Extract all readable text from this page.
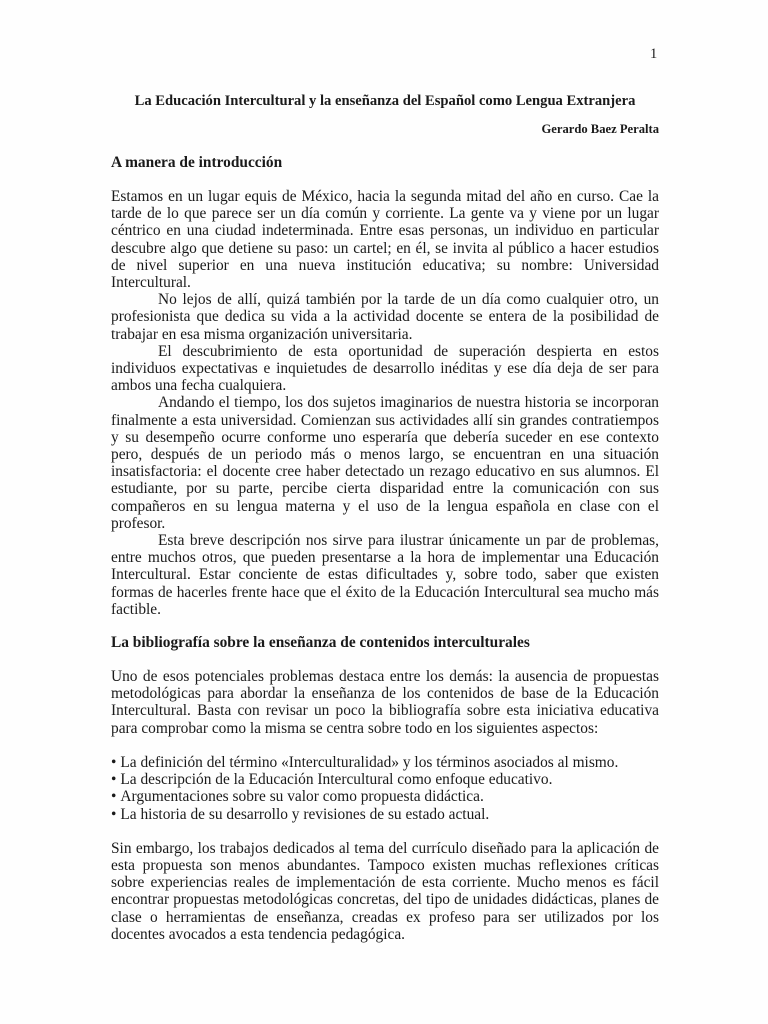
1
La Educación Intercultural y la enseñanza del Español como Lengua Extranjera
Gerardo Baez Peralta
A manera de introducción

Estamos en un lugar equis de México, hacia la segunda mitad del año en curso. Cae la tarde de lo que parece ser un día común y corriente. La gente va y viene por un lugar céntrico en una ciudad indeterminada. Entre esas personas, un individuo en particular descubre algo que detiene su paso: un cartel; en él, se invita al público a hacer estudios de nivel superior en una nueva institución educativa; su nombre: Universidad Intercultural.

No lejos de allí, quizá también por la tarde de un día como cualquier otro, un profesionista que dedica su vida a la actividad docente se entera de la posibilidad de trabajar en esa misma organización universitaria.

El descubrimiento de esta oportunidad de superación despierta en estos individuos expectativas e inquietudes de desarrollo inéditas y ese día deja de ser para ambos una fecha cualquiera.

Andando el tiempo, los dos sujetos imaginarios de nuestra historia se incorporan finalmente a esta universidad. Comienzan sus actividades allí sin grandes contratiempos y su desempeño ocurre conforme uno esperaría que debería suceder en ese contexto pero, después de un periodo más o menos largo, se encuentran en una situación insatisfactoria: el docente cree haber detectado un rezago educativo en sus alumnos. El estudiante, por su parte, percibe cierta disparidad entre la comunicación con sus compañeros en su lengua materna y el uso de la lengua española en clase con el profesor.

Esta breve descripción nos sirve para ilustrar únicamente un par de problemas, entre muchos otros, que pueden presentarse a la hora de implementar una Educación Intercultural. Estar conciente de estas dificultades y, sobre todo, saber que existen formas de hacerles frente hace que el éxito de la Educación Intercultural sea mucho más factible.

La bibliografía sobre la enseñanza de contenidos interculturales

Uno de esos potenciales problemas destaca entre los demás: la ausencia de propuestas metodológicas para abordar la enseñanza de los contenidos de base de la Educación Intercultural. Basta con revisar un poco la bibliografía sobre esta iniciativa educativa para comprobar como la misma se centra sobre todo en los siguientes aspectos:

• La definición del término «Interculturalidad» y los términos asociados al mismo.
• La descripción de la Educación Intercultural como enfoque educativo.
• Argumentaciones sobre su valor como propuesta didáctica.
• La historia de su desarrollo y revisiones de su estado actual.

Sin embargo, los trabajos dedicados al tema del currículo diseñado para la aplicación de esta propuesta son menos abundantes. Tampoco existen muchas reflexiones críticas sobre experiencias reales de implementación de esta corriente. Mucho menos es fácil encontrar propuestas metodológicas concretas, del tipo de unidades didácticas, planes de clase o herramientas de enseñanza, creadas ex profeso para ser utilizados por los docentes avocados a esta tendencia pedagógica.
